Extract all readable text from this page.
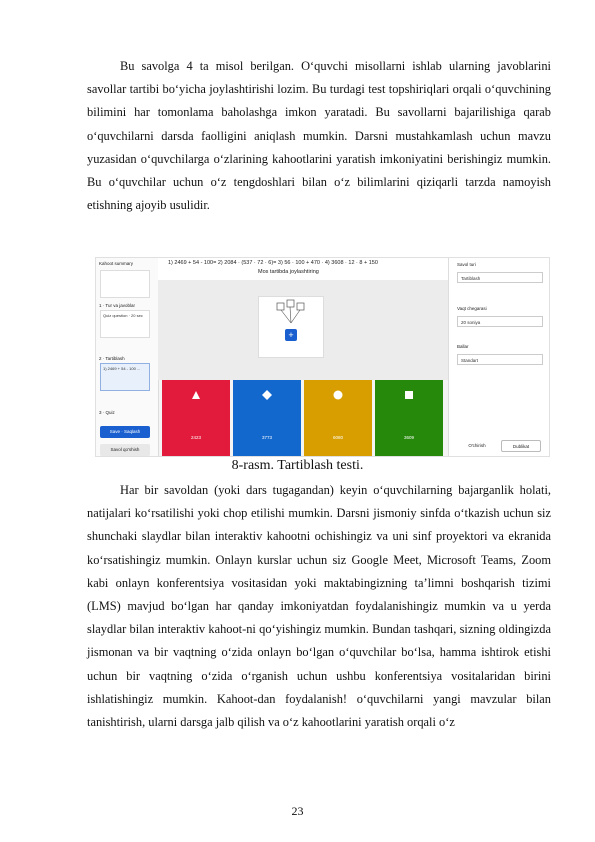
Bu savolga 4 ta misol berilgan. O‘quvchi misollarni ishlab ularning javoblarini savollar tartibi bo‘yicha joylashtirishi lozim. Bu turdagi test topshiriqlari orqali o‘quvchining bilimini har tomonlama baholashga imkon yaratadi. Bu savollarni bajarilishiga qarab o‘quvchilarni darsda faolligini aniqlash mumkin. Darsni mustahkamlash uchun mavzu yuzasidan o‘quvchilarga o‘zlarining kahootlarini yaratish imkoniyatini berishingiz mumkin. Bu o‘quvchilar uchun o‘z tengdoshlari bilan o‘z bilimlarini qiziqarli tarzda namoyish etishning ajoyib usulidir.

Kahoot summary
1 · Tur va javoblar
Quiz question · 20 sec
2 · Tartiblash
1) 2469 + 54 - 100 ...
3 · Quiz
Save · Saqlash
Savol qo'shish
1) 2469 + 54 - 100= 2) 2084 · (537 · 72 · 6)= 3) 56 · 100 + 470 · 4) 3608 · 12 · 8 + 150
Mos tartibda joylashtiring
+
2423	3773	6080	3609
Savol turi
Tartiblash
Vaqt chegarasi
20 soniya
Ballar
Standart
O'chirish	Dublikat
8-rasm. Tartiblash testi.

Har bir savoldan (yoki dars tugagandan) keyin o‘quvchilarning bajarganlik holati, natijalari ko‘rsatilishi yoki chop etilishi mumkin. Darsni jismoniy sinfda o‘tkazish uchun siz shunchaki slaydlar bilan interaktiv kahootni ochishingiz va uni sinf proyektori va ekranida ko‘rsatishingiz mumkin. Onlayn kurslar uchun siz Google Meet, Microsoft Teams, Zoom kabi onlayn konferentsiya vositasidan yoki maktabingizning taʼlimni boshqarish tizimi (LMS) mavjud boʻlgan har qanday imkoniyatdan foydalanishingiz mumkin va u yerda slaydlar bilan interaktiv kahoot-ni qo‘yishingiz mumkin. Bundan tashqari, sizning oldingizda jismonan va bir vaqtning o‘zida onlayn bo‘lgan o‘quvchilar bo‘lsa, hamma ishtirok etishi uchun bir vaqtning o‘zida o‘rganish uchun ushbu konferentsiya vositalaridan birini ishlatishingiz mumkin. Kahoot-dan foydalanish! o‘quvchilarni yangi mavzular bilan tanishtirish, ularni darsga jalb qilish va o‘z kahootlarini yaratish orqali o‘z

23
